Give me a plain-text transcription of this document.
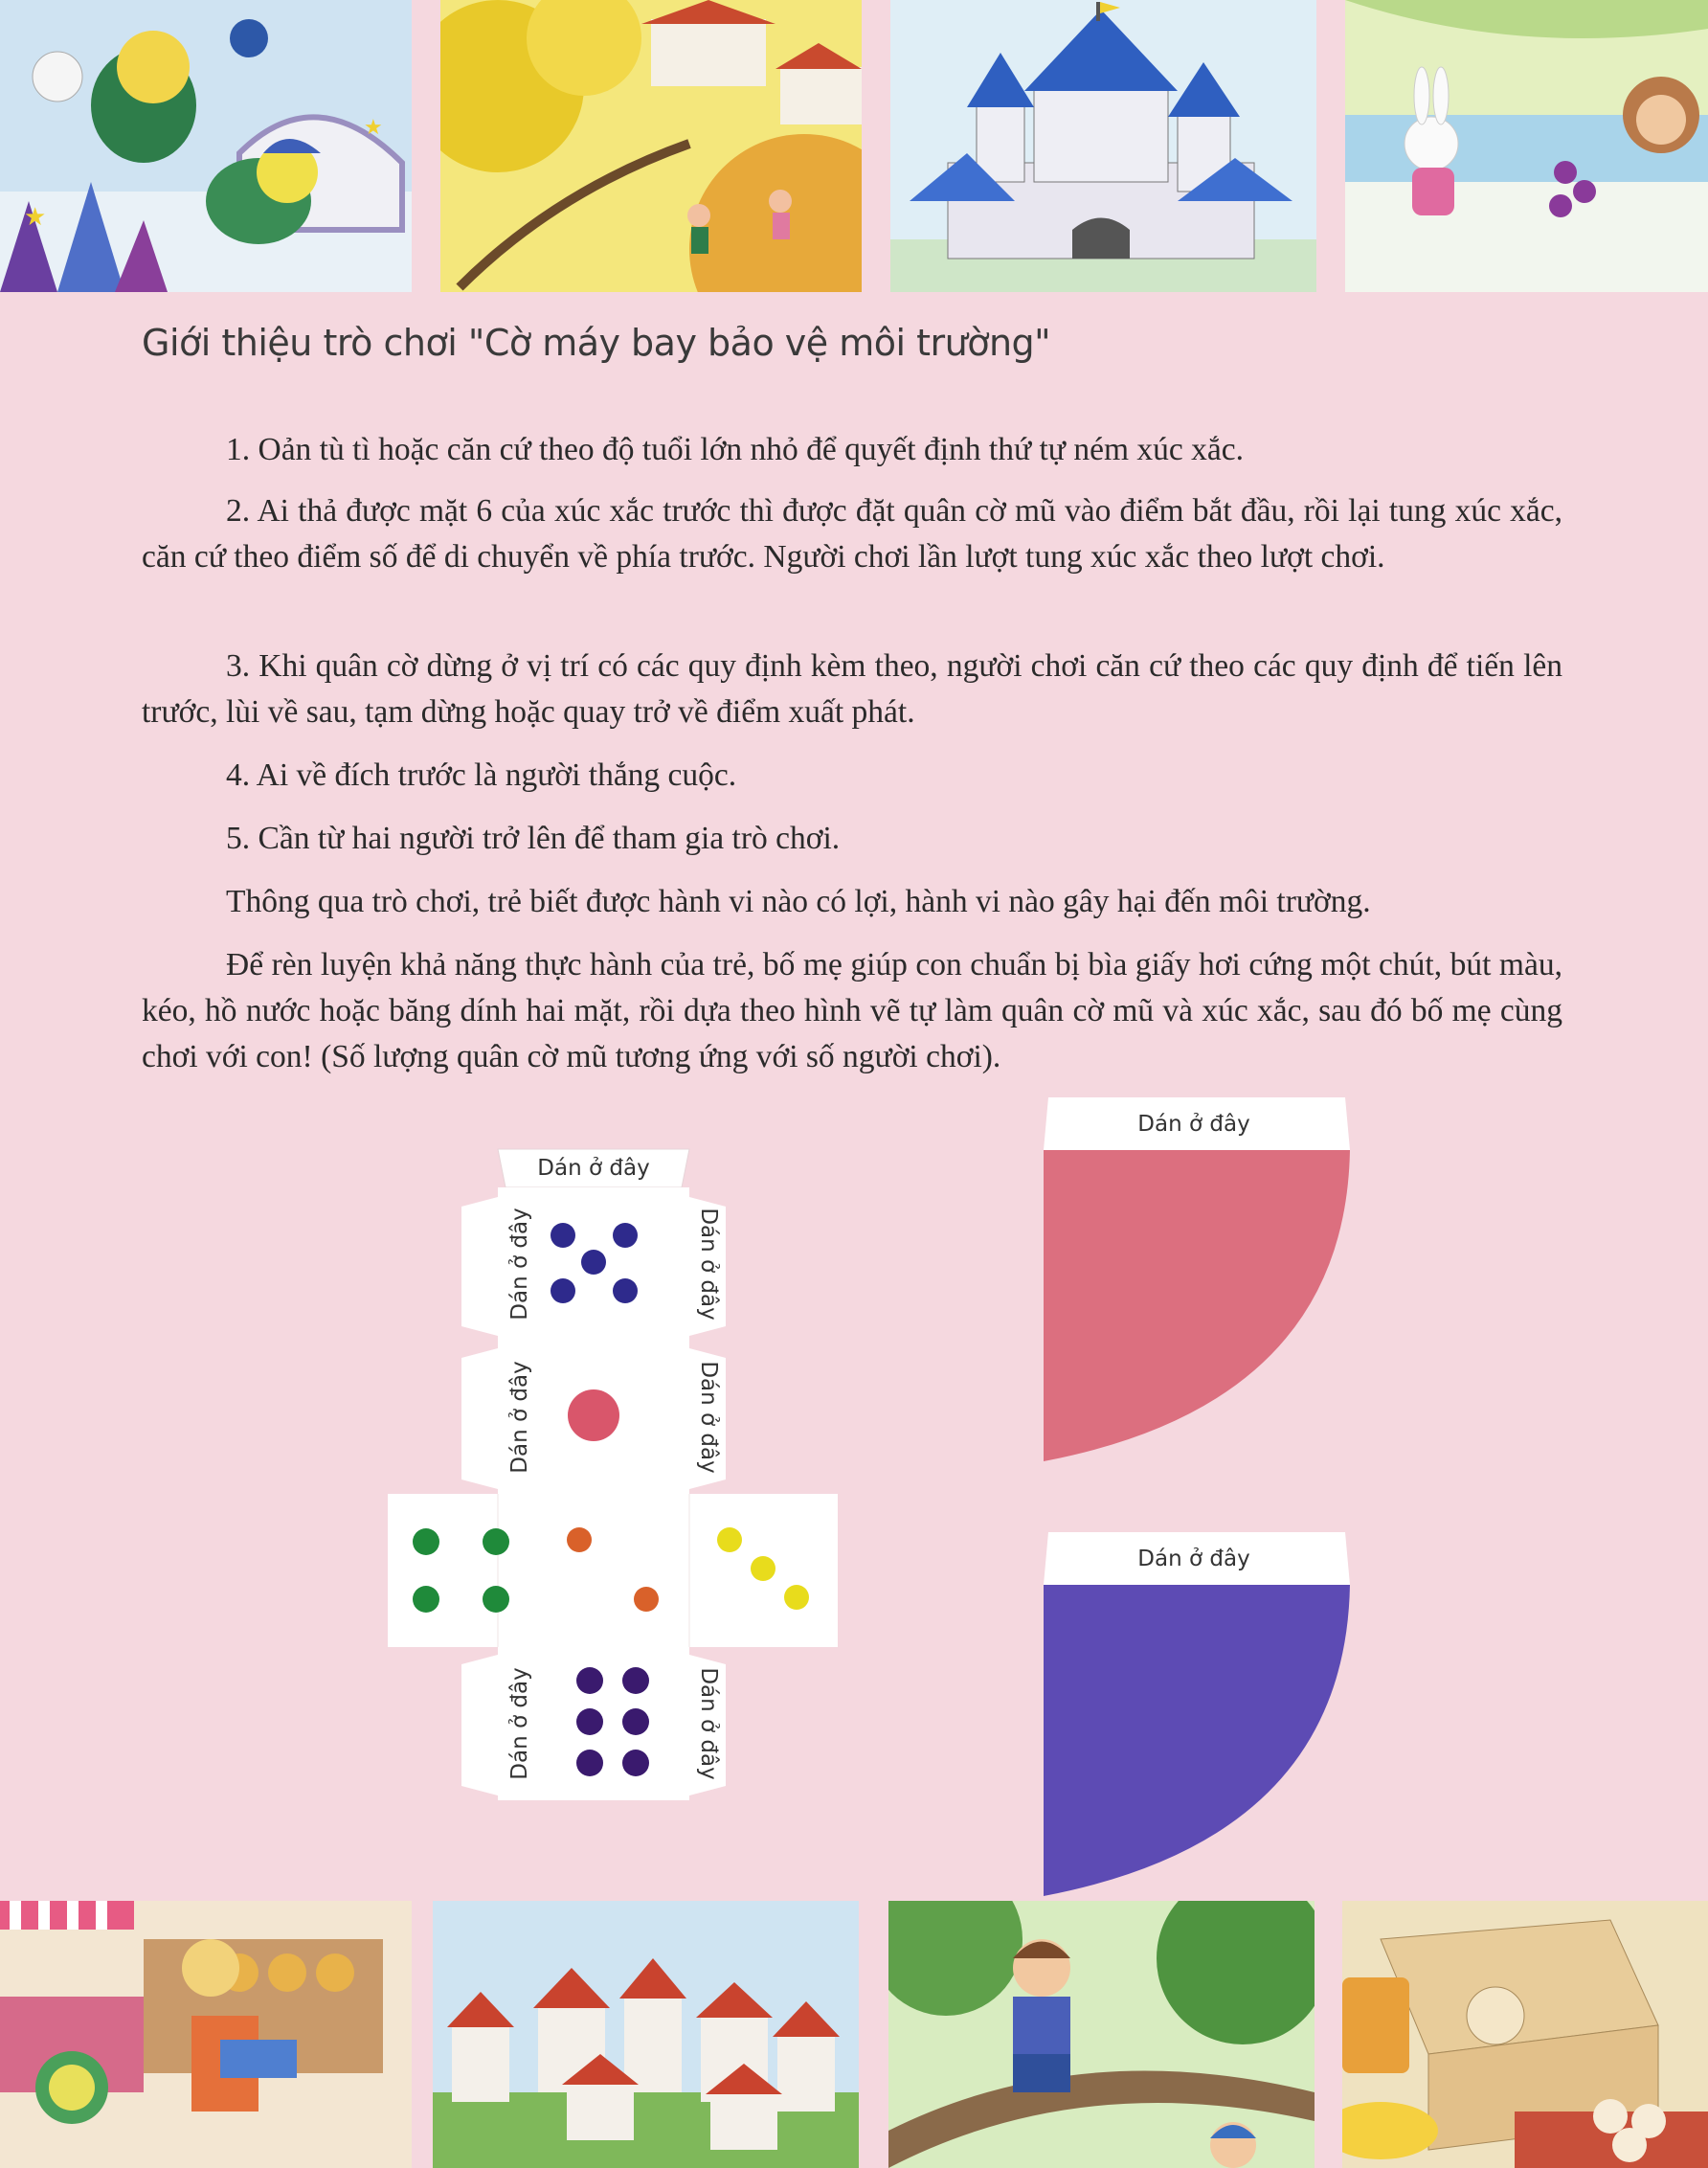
★
★
Giới thiệu trò chơi "Cờ máy bay bảo vệ môi trường"

1. Oản tù tì hoặc căn cứ theo độ tuổi lớn nhỏ để quyết định thứ tự ném xúc xắc.

2. Ai thả được mặt 6 của xúc xắc trước thì được đặt quân cờ mũ vào điểm bắt đầu, rồi lại tung xúc xắc, căn cứ theo điểm số để di chuyển về phía trước. Người chơi lần lượt tung xúc xắc theo lượt chơi.

3. Khi quân cờ dừng ở vị trí có các quy định kèm theo, người chơi căn cứ theo các quy định để tiến lên trước, lùi về sau, tạm dừng hoặc quay trở về điểm xuất phát.

4. Ai về đích trước là người thắng cuộc.

5. Cần từ hai người trở lên để tham gia trò chơi.

Thông qua trò chơi, trẻ biết được hành vi nào có lợi, hành vi nào gây hại đến môi trường.

Để rèn luyện khả năng thực hành của trẻ, bố mẹ giúp con chuẩn bị bìa giấy hơi cứng một chút, bút màu, kéo, hồ nước hoặc băng dính hai mặt, rồi dựa theo hình vẽ tự làm quân cờ mũ và xúc xắc, sau đó bố mẹ cùng chơi với con! (Số lượng quân cờ mũ tương ứng với số người chơi).

Dán ở đây
Dán ở đây	Dán ở đây
Dán ở đây	Dán ở đây
Dán ở đây	Dán ở đây
Dán ở đây
Dán ở đây
